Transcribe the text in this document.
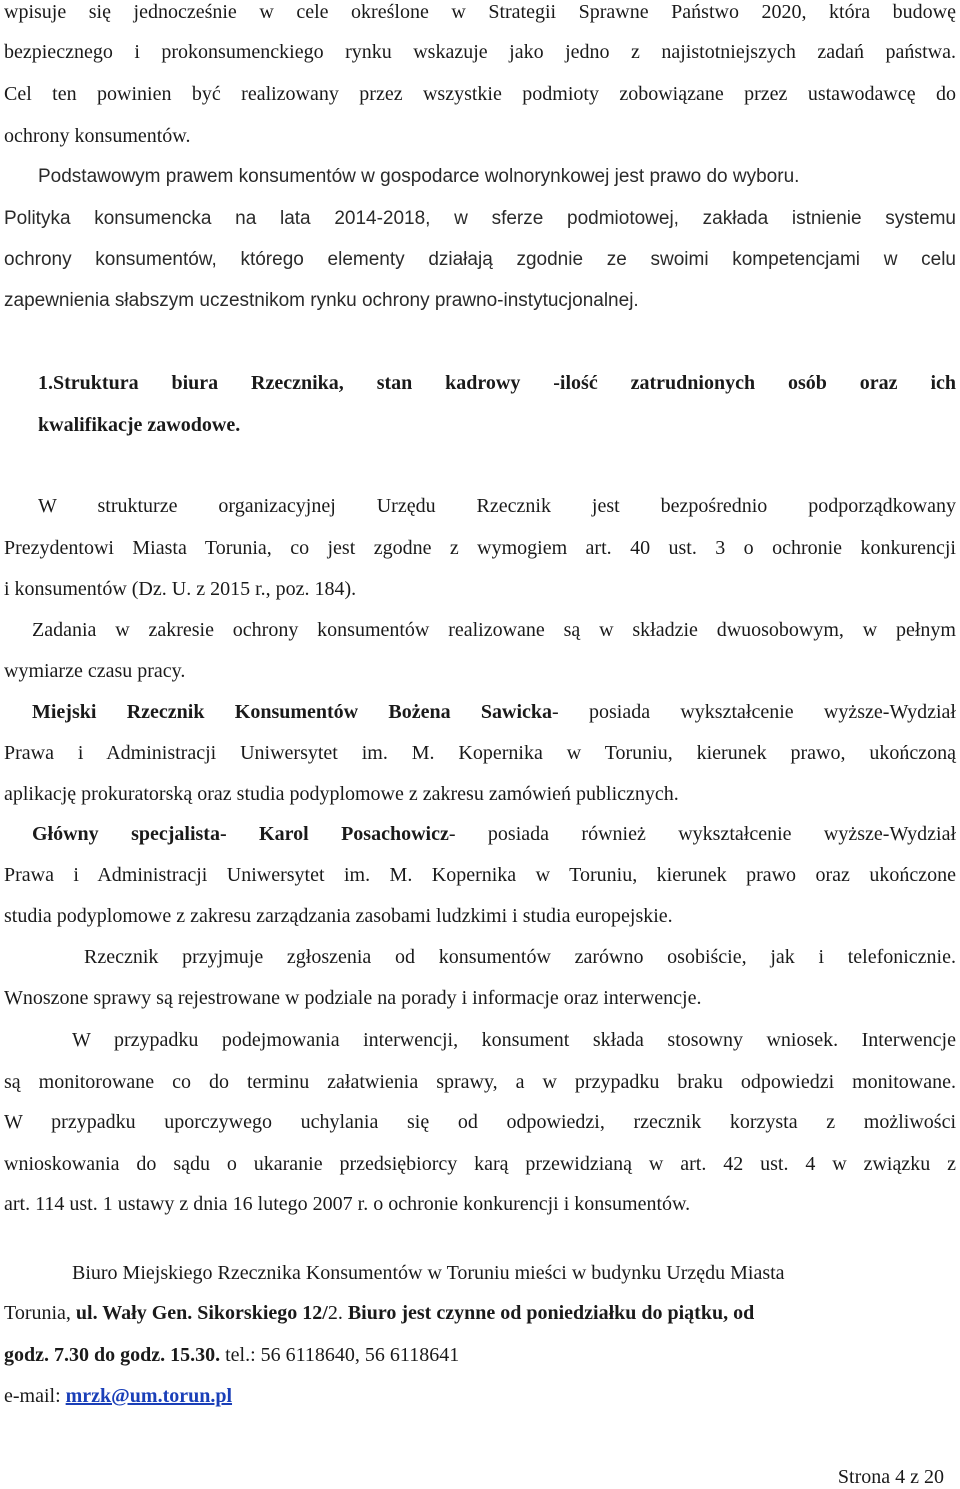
wpisuje się jednocześnie w cele określone w Strategii Sprawne Państwo 2020, która budowę
bezpiecznego i prokonsumenckiego rynku wskazuje jako jedno z najistotniejszych zadań państwa.
Cel ten powinien być realizowany przez wszystkie podmioty zobowiązane przez ustawodawcę do
ochrony konsumentów.
Podstawowym prawem konsumentów w gospodarce wolnorynkowej jest prawo do wyboru.
Polityka konsumencka na lata 2014-2018, w sferze podmiotowej, zakłada istnienie systemu
ochrony konsumentów, którego elementy działają zgodnie ze swoimi kompetencjami w celu
zapewnienia słabszym uczestnikom rynku ochrony prawno-instytucjonalnej.
1.Struktura biura Rzecznika, stan kadrowy -ilość zatrudnionych osób oraz ich
kwalifikacje zawodowe.
W strukturze organizacyjnej Urzędu Rzecznik jest bezpośrednio podporządkowany
Prezydentowi Miasta Torunia, co jest zgodne z wymogiem art. 40 ust. 3 o ochronie konkurencji
i konsumentów (Dz. U. z 2015 r., poz. 184).
Zadania w zakresie ochrony konsumentów realizowane są w składzie dwuosobowym, w pełnym
wymiarze czasu pracy.
Miejski Rzecznik Konsumentów Bożena Sawicka- posiada wykształcenie wyższe-Wydział
Prawa i Administracji Uniwersytet im. M. Kopernika w Toruniu, kierunek prawo, ukończoną
aplikację prokuratorską oraz studia podyplomowe z zakresu zamówień publicznych.
Główny specjalista- Karol Posachowicz- posiada również wykształcenie wyższe-Wydział
Prawa i Administracji Uniwersytet im. M. Kopernika w Toruniu, kierunek prawo oraz ukończone
studia podyplomowe z zakresu zarządzania zasobami ludzkimi i studia europejskie.
Rzecznik przyjmuje zgłoszenia od konsumentów zarówno osobiście, jak i telefonicznie.
Wnoszone sprawy są rejestrowane w podziale na porady i informacje oraz interwencje.
W przypadku podejmowania interwencji, konsument składa stosowny wniosek. Interwencje
są monitorowane co do terminu załatwienia sprawy, a w przypadku braku odpowiedzi monitowane.
W przypadku uporczywego uchylania się od odpowiedzi, rzecznik korzysta z możliwości
wnioskowania do sądu o ukaranie przedsiębiorcy karą przewidzianą w art. 42 ust. 4 w związku z
art. 114 ust. 1 ustawy z dnia 16 lutego 2007 r. o ochronie konkurencji i konsumentów.
Biuro Miejskiego Rzecznika Konsumentów w Toruniu mieści w budynku Urzędu Miasta
Torunia, ul. Wały Gen. Sikorskiego 12/2. Biuro jest czynne od poniedziałku do piątku, od
godz. 7.30 do godz. 15.30. tel.: 56 6118640, 56 6118641
e-mail: mrzk@um.torun.pl
Strona 4 z 20
